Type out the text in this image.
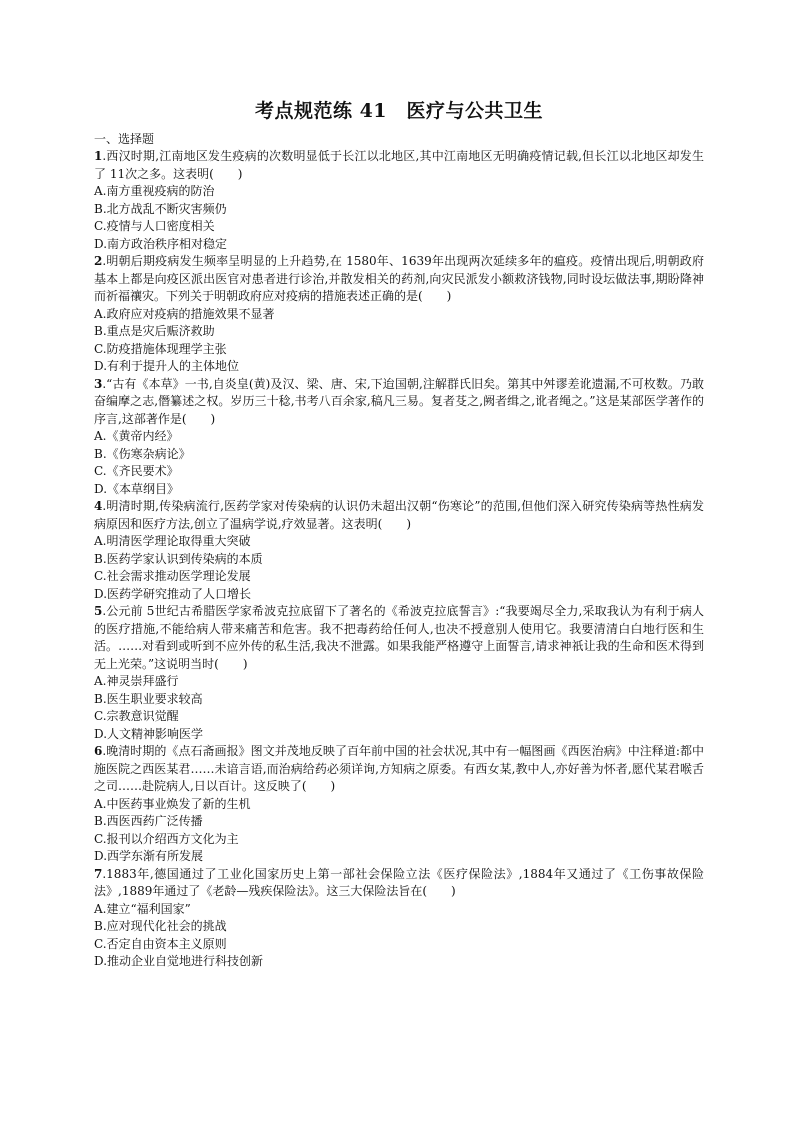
考点规范练 41　医疗与公共卫生

一、选择题

1.西汉时期,江南地区发生疫病的次数明显低于长江以北地区,其中江南地区无明确疫情记载,但长江以北地区却发生了 11次之多。这表明(　　)

A.南方重视疫病的防治

B.北方战乱不断灾害频仍

C.疫情与人口密度相关

D.南方政治秩序相对稳定

2.明朝后期疫病发生频率呈明显的上升趋势,在 1580年、1639年出现两次延续多年的瘟疫。疫情出现后,明朝政府基本上都是向疫区派出医官对患者进行诊治,并散发相关的药剂,向灾民派发小额救济钱物,同时设坛做法事,期盼降神而祈福禳灾。下列关于明朝政府应对疫病的措施表述正确的是(　　)

A.政府应对疫病的措施效果不显著

B.重点是灾后赈济救助

C.防疫措施体现理学主张

D.有利于提升人的主体地位

3.“古有《本草》一书,自炎皇(黄)及汉、梁、唐、宋,下迨国朝,注解群氏旧矣。第其中舛谬差讹遗漏,不可枚数。乃敢奋编摩之志,僭纂述之权。岁历三十稔,书考八百余家,稿凡三易。复者芟之,阙者缉之,讹者绳之。”这是某部医学著作的序言,这部著作是(　　)

A.《黄帝内经》

B.《伤寒杂病论》

C.《齐民要术》

D.《本草纲目》

4.明清时期,传染病流行,医药学家对传染病的认识仍未超出汉朝“伤寒论”的范围,但他们深入研究传染病等热性病发病原因和医疗方法,创立了温病学说,疗效显著。这表明(　　)

A.明清医学理论取得重大突破

B.医药学家认识到传染病的本质

C.社会需求推动医学理论发展

D.医药学研究推动了人口增长

5.公元前 5世纪古希腊医学家希波克拉底留下了著名的《希波克拉底誓言》:“我要竭尽全力,采取我认为有利于病人的医疗措施,不能给病人带来痛苦和危害。我不把毒药给任何人,也决不授意别人使用它。我要清清白白地行医和生活。……对看到或听到不应外传的私生活,我决不泄露。如果我能严格遵守上面誓言,请求神祇让我的生命和医术得到无上光荣。”这说明当时(　　)

A.神灵崇拜盛行

B.医生职业要求较高

C.宗教意识觉醒

D.人文精神影响医学

6.晚清时期的《点石斋画报》图文并茂地反映了百年前中国的社会状况,其中有一幅图画《西医治病》中注释道:都中施医院之西医某君……未谙言语,而治病给药必须详询,方知病之原委。有西女某,教中人,亦好善为怀者,愿代某君喉舌之司……赴院病人,日以百计。这反映了(　　)

A.中医药事业焕发了新的生机

B.西医西药广泛传播

C.报刊以介绍西方文化为主

D.西学东渐有所发展

7.1883年,德国通过了工业化国家历史上第一部社会保险立法《医疗保险法》,1884年又通过了《工伤事故保险法》,1889年通过了《老龄—残疾保险法》。这三大保险法旨在(　　)

A.建立“福利国家”

B.应对现代化社会的挑战

C.否定自由资本主义原则

D.推动企业自觉地进行科技创新
